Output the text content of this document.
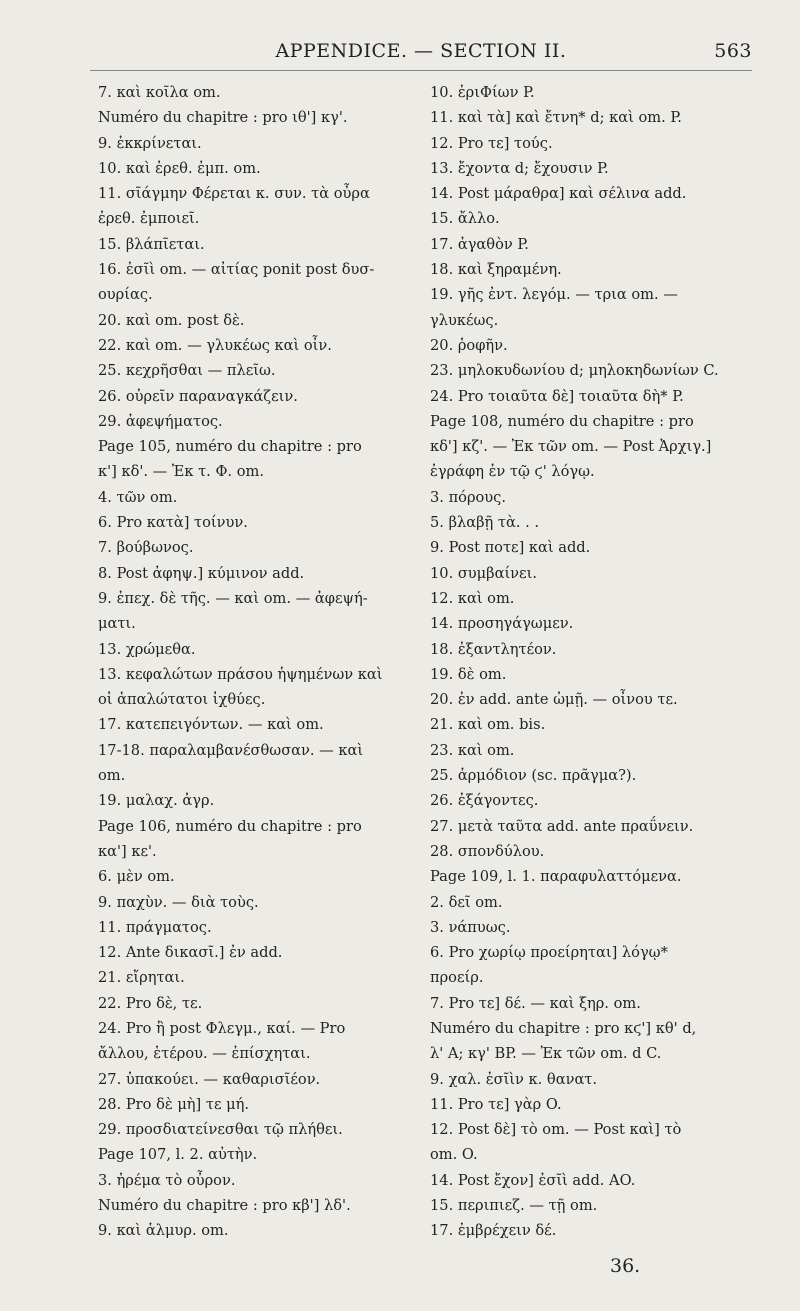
APPENDICE. — SECTION II.	563
7. καὶ κοῖλα om.
Numéro du chapitre : pro ιθ'] κγ'.
9. ἐκκρίνεται.
10. καὶ ἐρεθ. ἐμπ. om.
11. σῖάγμην Φέρεται κ. συν. τὰ οὖρα
ἐρεθ. ἐμποιεῖ.
15. βλάπῖεται.
16. ἐσῖὶ om. — αἰτίας ponit post δυσ-
ουρίας.
20. καὶ om. post δὲ.
22. καὶ om. — γλυκέως καὶ οἶν.
25. κεχρῆσθαι — πλεῖω.
26. οὐρεῖν παραναγκάζειν.
29. ἀφεψήματος.
Page 105, numéro du chapitre : pro
κ'] κδ'. — Ἐκ τ. Φ. om.
4. τῶν om.
6. Pro κατὰ] τοίνυν.
7. βούβωνος.
8. Post ἀφηψ.] κύμινον add.
9. ἐπεχ. δὲ τῆς. — καὶ om. — ἀφεψή-
ματι.
13. χρώμεθα.
13. κεφαλώτων πράσου ἡψημένων καὶ
οἱ ἁπαλώτατοι ἰχθύες.
17. κατεπειγόντων. — καὶ om.
17-18. παραλαμβανέσθωσαν. — καὶ
om.
19. μαλαχ. ἀγρ.
Page 106, numéro du chapitre : pro
κα'] κε'.
6. μὲν om.
9. παχὺν. — διὰ τοὺς.
11. πράγματος.
12. Ante δικασῖ.] ἐν add.
21. εἴρηται.
22. Pro δὲ, τε.
24. Pro ἢ post Φλεγμ., καί. — Pro
ἄλλου, ἑτέρου. — ἐπίσχηται.
27. ὑπακούει. — καθαρισῖέον.
28. Pro δὲ μὴ] τε μή.
29. προσδιατείνεσθαι τῷ πλήθει.
Page 107, l. 2. αὐτὴν.
3. ἠρέμα τὸ οὖρον.
Numéro du chapitre : pro κβ'] λδ'.
9. καὶ ἁλμυρ. om.
10. ἐριΦίων P.
11. καὶ τὰ] καὶ ἔτνη* d; καὶ om. P.
12. Pro τε] τούς.
13. ἔχοντα d; ἔχουσιν P.
14. Post μάραθρα] καὶ σέλινα add.
15. ἄλλο.
17. ἀγαθὸν P.
18. καὶ ξηραμένη.
19. γῆς ἐντ. λεγόμ. — τρια om. —
γλυκέως.
20. ῥοφῆν.
23. μηλοκυδωνίου d; μηλοκηδωνίων C.
24. Pro τοιαῦτα δὲ] τοιαῦτα δὴ* P.
Page 108, numéro du chapitre : pro
κδ'] κζ'. — Ἐκ τῶν om. — Post Ἀρχιγ.]
ἐγράφη ἐν τῷ ϛ' λόγῳ.
3. πόρους.
5. βλαβῇ τὰ. . .
9. Post ποτε] καὶ add.
10. συμβαίνει.
12. καὶ om.
14. προσηγάγωμεν.
18. ἐξαντλητέον.
19. δὲ om.
20. ἐν add. ante ὠμῇ. — οἶνου τε.
21. καὶ om. bis.
23. καὶ om.
25. ἁρμόδιον (sc. πρᾶγμα?).
26. ἐξάγοντες.
27. μετὰ ταῦτα add. ante πραΰνειν.
28. σπονδύλου.
Page 109, l. 1. παραφυλαττόμενα.
2. δεῖ om.
3. νάπυως.
6. Pro χωρίῳ προείρηται] λόγῳ*
προείρ.
7. Pro τε] δέ. — καὶ ξηρ. om.
Numéro du chapitre : pro κϛ'] κθ' d,
λ' A; κγ' BP. — Ἐκ τῶν om. d C.
9. χαλ. ἐσῖὶν κ. θανατ.
11. Pro τε] γὰρ O.
12. Post δὲ] τὸ om. — Post καὶ] τὸ
om. O.
14. Post ἔχον] ἐσῖὶ add. AO.
15. περιπιεζ. — τῇ om.
17. ἐμβρέχειν δέ.
36.
